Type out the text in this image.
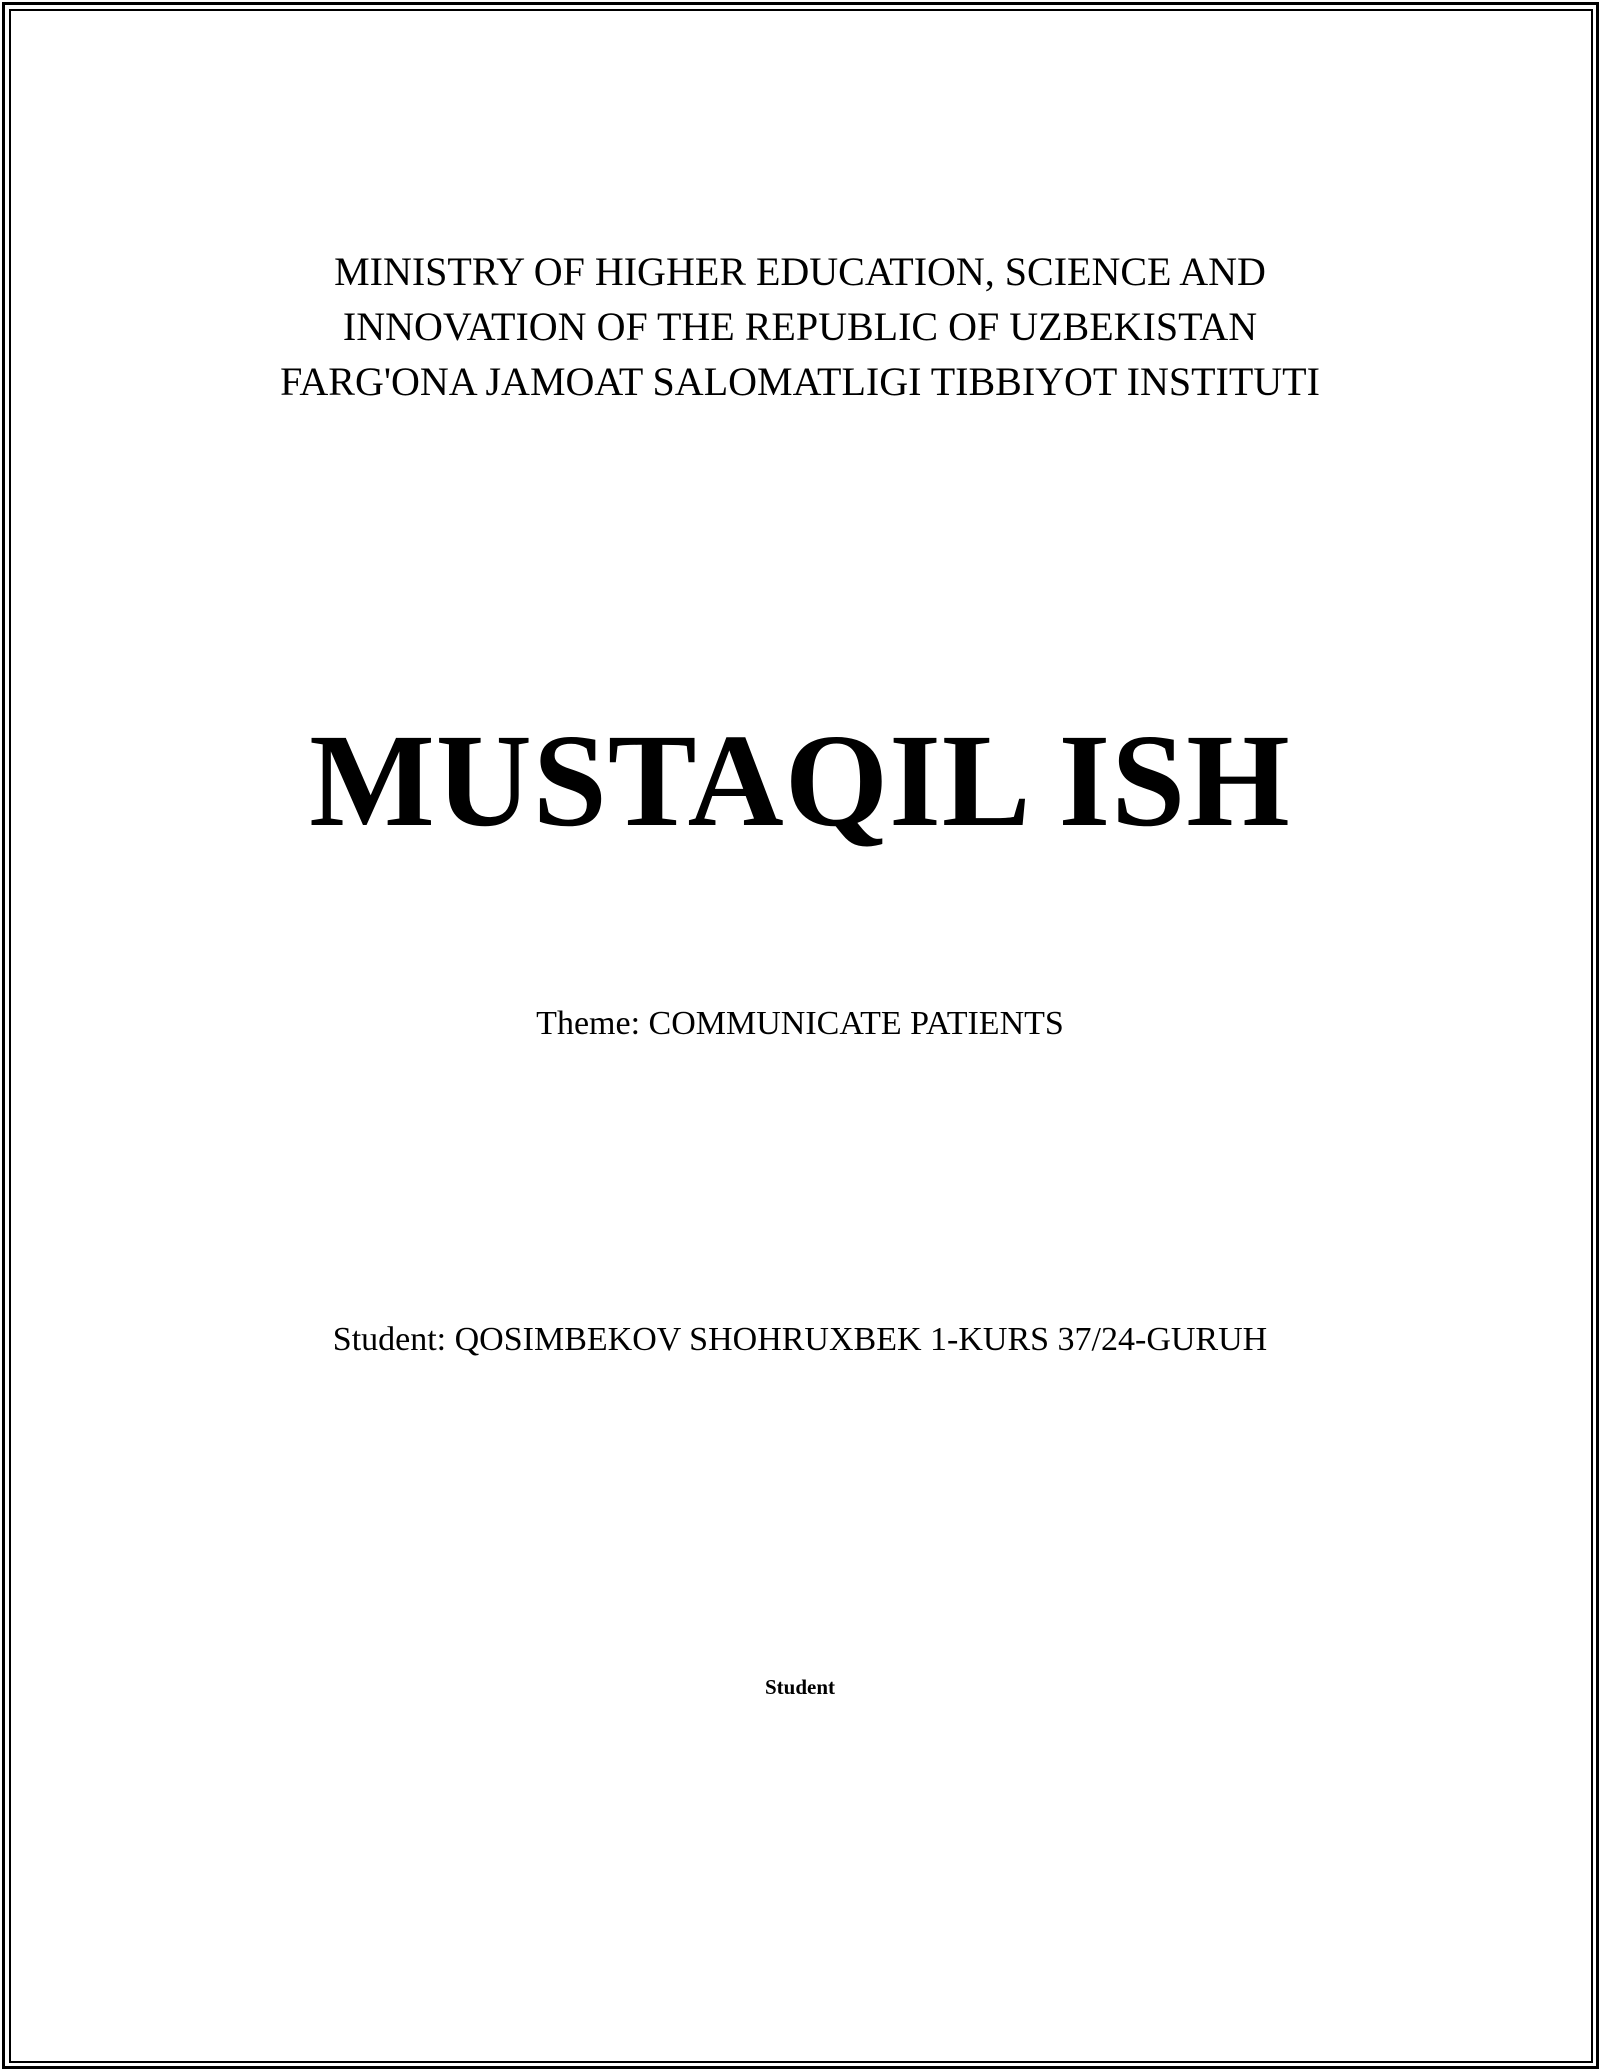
MINISTRY OF HIGHER EDUCATION, SCIENCE AND
INNOVATION OF THE REPUBLIC OF UZBEKISTAN
FARG'ONA JAMOAT SALOMATLIGI TIBBIYOT INSTITUTI
MUSTAQIL ISH
Theme: COMMUNICATE PATIENTS
Student: QOSIMBEKOV SHOHRUXBEK 1-KURS 37/24-GURUH
Student
